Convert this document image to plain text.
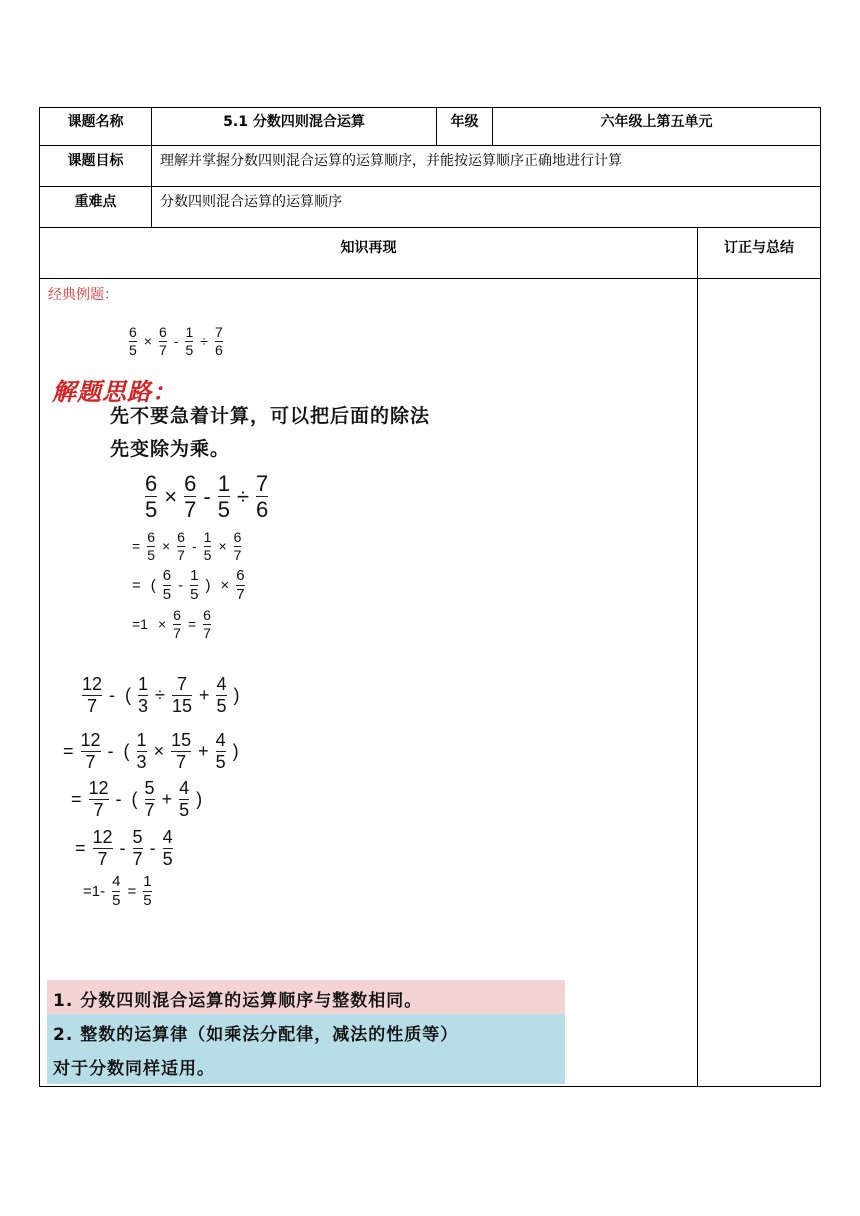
课题名称	5.1 分数四则混合运算	年级	六年级上第五单元
课题目标	理解并掌握分数四则混合运算的运算顺序，并能按运算顺序正确地进行计算
重难点	分数四则混合运算的运算顺序
知识再现	订正与总结
经典例题：
$\frac{6}{5} \times \frac{6}{7} - \frac{1}{5} \div \frac{7}{6}$
解题思路：
先不要急着计算，可以把后面的除法
先变除为乘。
$\frac{6}{5} \times \frac{6}{7} - \frac{1}{5} \div \frac{7}{6}$
= $\frac{6}{5} \times \frac{6}{7} - \frac{1}{5} \times \frac{6}{7}$
= ( $\frac{6}{5} - \frac{1}{5}$ ) × $\frac{6}{7}$
$=1 \times \frac{6}{7} = \frac{6}{7}$
$\frac{12}{7}$ - ( $\frac{1}{3} \div \frac{7}{15} + \frac{4}{5}$ )
= $\frac{12}{7}$ - ( $\frac{1}{3} \times \frac{15}{7} + \frac{4}{5}$ )
= $\frac{12}{7}$ - ( $\frac{5}{7} + \frac{4}{5}$ )
= $\frac{12}{7} - \frac{5}{7} - \frac{4}{5}$
$=1- \frac{4}{5} = \frac{1}{5}$
1. 分数四则混合运算的运算顺序与整数相同。
2. 整数的运算律（如乘法分配律，减法的性质等）
对于分数同样适用。
